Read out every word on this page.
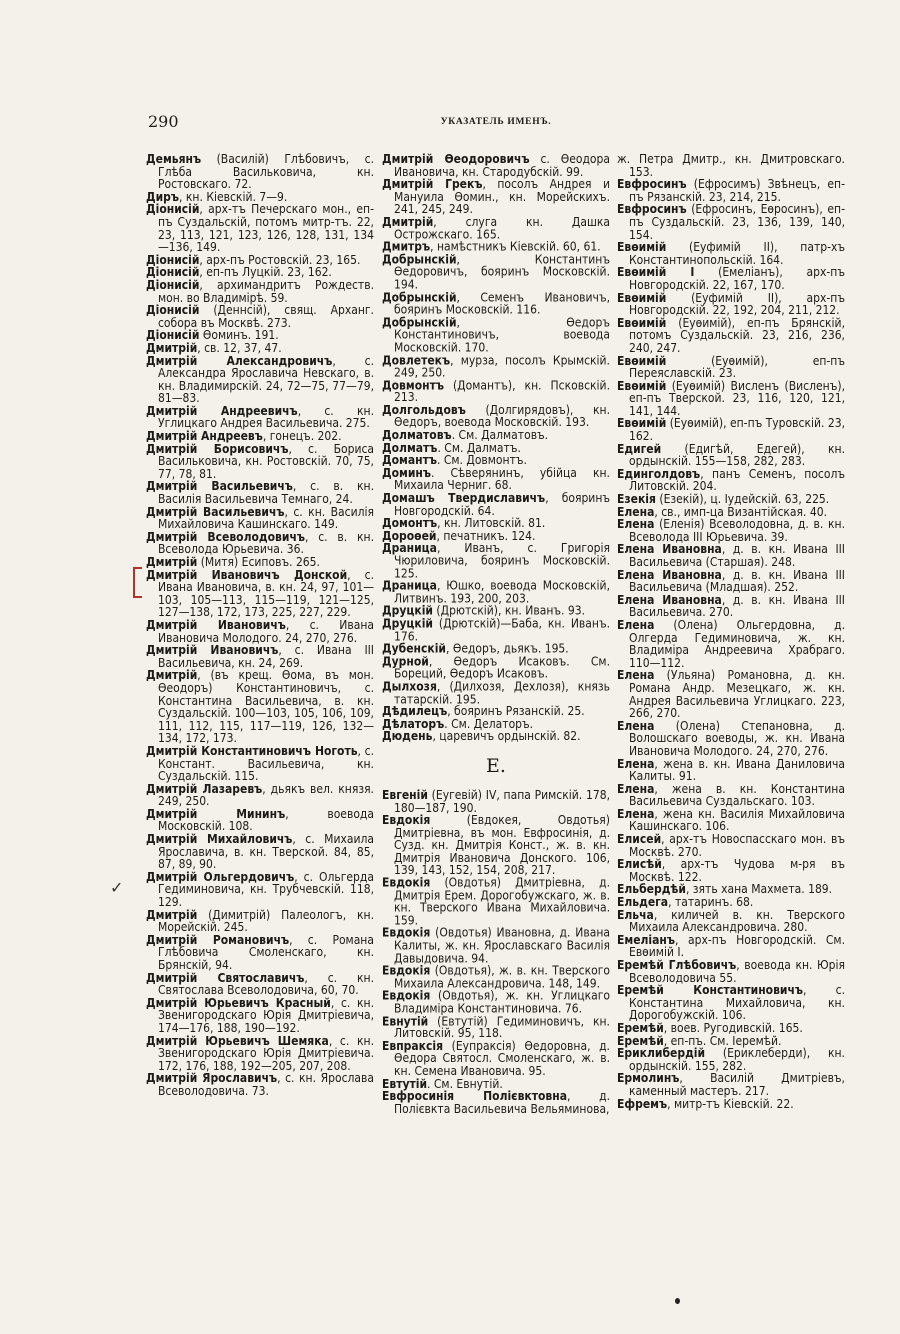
290	УКАЗАТЕЛЬ ИМЕНЪ.

Демьянъ (Василій) Глѣбовичъ, с. Глѣба Васильковича, кн. Ростовскаго. 72.

Диръ, кн. Кіевскій. 7—9.

Діонисій, арх-тъ Печерскаго мон., еп-пъ Суздальскій, потомъ митр-тъ. 22, 23, 113, 121, 123, 126, 128, 131, 134—136, 149.

Діонисій, арх-пъ Ростовскій. 23, 165.

Діонисій, еп-пъ Луцкій. 23, 162.

Діонисій, архимандритъ Рождеств. мон. во Владимірѣ. 59.

Діонисій (Деннсій), свящ. Арханг. собора въ Москвѣ. 273.

Діонисій Ѳоминъ. 191.

Дмитрій, св. 12, 37, 47.

Дмитрій Александровичъ, с. Александра Ярославича Невскаго, в. кн. Владимирскій. 24, 72—75, 77—79, 81—83.

Дмитрій Андреевичъ, с. кн. Углицкаго Андрея Васильевича. 275.

Дмитрій Андреевъ, гонецъ. 202.

Дмитрій Борисовичъ, с. Бориса Васильковича, кн. Ростовскій. 70, 75, 77, 78, 81.

Дмитрій Васильевичъ, с. в. кн. Василія Васильевича Темнаго, 24.

Дмитрій Васильевичъ, с. кн. Василія Михайловича Кашинскаго. 149.

Дмитрій Всеволодовичъ, с. в. кн. Всеволода Юрьевича. 36.

Дмитрій (Митя) Есиповъ. 265.

Дмитрій Ивановичъ Донской, с. Ивана Ивановича, в. кн. 24, 97, 101—103, 105—113, 115—119, 121—125, 127—138, 172, 173, 225, 227, 229.

Дмитрій Ивановичъ, с. Ивана Ивановича Молодого. 24, 270, 276.

Дмитрій Ивановичъ, с. Ивана III Васильевича, кн. 24, 269.

Дмитрій, (въ крещ. Ѳома, въ мон. Ѳеодоръ) Константиновичъ, с. Константина Васильевича, в. кн. Суздальскій. 100—103, 105, 106, 109, 111, 112, 115, 117—119, 126, 132—134, 172, 173.

Дмитрій Константиновичъ Ноготь, с. Констант. Васильевича, кн. Суздальскій. 115.

Дмитрій Лазаревъ, дьякъ вел. князя. 249, 250.

Дмитрій Мининъ, воевода Московскій. 108.

Дмитрій Михайловичъ, с. Михаила Ярославича, в. кн. Тверской. 84, 85, 87, 89, 90.

Дмитрій Ольгердовичъ, с. Ольгерда Гедиминовича, кн. Трубчевскій. 118, 129.

Дмитрій (Димитрій) Палеологъ, кн. Морейскій. 245.

Дмитрій Романовичъ, с. Романа Глѣбовича Смоленскаго, кн. Брянскій, 94.

Дмитрій Святославичъ, с. кн. Святослава Всеволодовича, 60, 70.

Дмитрій Юрьевичъ Красный, с. кн. Звенигородскаго Юрія Дмитріевича, 174—176, 188, 190—192.

Дмитрій Юрьевичъ Шемяка, с. кн. Звенигородскаго Юрія Дмитріевича. 172, 176, 188, 192—205, 207, 208.

Дмитрій Ярославичъ, с. кн. Ярослава Всеволодовича. 73.

Дмитрій Ѳеодоровичъ с. Ѳеодора Ивановича, кн. Стародубскій. 99.

Дмитрій Грекъ, посолъ Андрея и Мануила Ѳомин., кн. Морейскихъ. 241, 245, 249.

Дмитрій, слуга кн. Дашка Острожскаго. 165.

Дмитръ, намѣстникъ Кіевскій. 60, 61.

Добрынскій, Константинъ Ѳедоровичъ, бояринъ Московскій. 194.

Добрынскій, Семенъ Ивановичъ, бояринъ Московскій. 116.

Добрынскій, Ѳедоръ Константиновичъ, воевода Московскій. 170.

Довлетекъ, мурза, посолъ Крымскій. 249, 250.

Довмонтъ (Домантъ), кн. Псковскій. 213.

Долгольдовъ (Долгирядовъ), кн. Ѳедоръ, воевода Московскій. 193.

Долматовъ. См. Далматовъ.

Долматъ. См. Далматъ.

Домантъ. См. Довмонтъ.

Доминъ. Сѣверянинъ, убійца кн. Михаила Черниг. 68.

Домашъ Твердиславичъ, бояринъ Новгородскій. 64.

Домонтъ, кн. Литовскій. 81.

Дороѳей, печатникъ. 124.

Драница, Иванъ, с. Григорія Чюриловича, бояринъ Московскій. 125.

Драница, Юшко, воевода Московскій, Литвинъ. 193, 200, 203.

Друцкій (Дрютскій), кн. Иванъ. 93.

Друцкій (Дрютскій)—Баба, кн. Иванъ. 176.

Дубенскій, Ѳедоръ, дьякъ. 195.

Дурной, Ѳедоръ Исаковъ. См. Бореций, Ѳедоръ Исаковъ.

Дылхозя, (Дилхозя, Дехлозя), князь татарскій. 195.

Дѣдилецъ, бояринъ Рязанскій. 25.

Дѣлаторъ. См. Делаторъ.

Дюдень, царевичъ ордынскій. 82.

Е.

Евгеній (Еугевій) IV, папа Римскій. 178, 180—187, 190.

Евдокія (Евдокея, Овдотья) Дмитріевна, въ мон. Евфросинія, д. Сузд. кн. Дмитрія Конст., ж. в. кн. Дмитрія Ивановича Донского. 106, 139, 143, 152, 154, 208, 217.

Евдокія (Овдотья) Дмитріевна, д. Дмитрія Ерем. Дорогобужскаго, ж. в. кн. Тверского Ивана Михайловича. 159.

Евдокія (Овдотья) Ивановна, д. Ивана Калиты, ж. кн. Ярославскаго Василія Давыдовича. 94.

Евдокія (Овдотья), ж. в. кн. Тверского Михаила Александровича. 148, 149.

Евдокія (Овдотья), ж. кн. Углицкаго Владиміра Константиновича. 76.

Евнутій (Евтутій) Гедиминовичъ, кн. Литовскій. 95, 118.

Евпраксія (Еупраксія) Ѳедоровна, д. Ѳедора Святосл. Смоленскаго, ж. в. кн. Семена Ивановича. 95.

Евтутій. См. Евнутій.

Евфросинія Полієвктовна, д. Полієвкта Васильевича Вельяминова,

ж. Петра Дмитр., кн. Дмитровскаго. 153.

Евфросинъ (Ефросимъ) Звѣнецъ, еп-пъ Рязанскій. 23, 214, 215.

Евфросинъ (Ефросинъ, Еѳросинъ), еп-пъ Суздальскій. 23, 136, 139, 140, 154.

Евѳимій (Еуфимій II), патр-хъ Константинопольскій. 164.

Евѳимій I (Емеліанъ), арх-пъ Новгородскій. 22, 167, 170.

Евѳимій (Еуфимій II), арх-пъ Новгородскій. 22, 192, 204, 211, 212.

Евѳимій (Еуѳимій), еп-пъ Брянскій, потомъ Суздальскій. 23, 216, 236, 240, 247.

Евѳимій (Еуѳимій), еп-пъ Переяславскій. 23.

Евѳимій (Еуѳимій) Висленъ (Висленъ), еп-пъ Тверской. 23, 116, 120, 121, 141, 144.

Евѳимій (Еуѳимій), еп-пъ Туровскій. 23, 162.

Едигей (Едигѣй, Едегей), кн. ордынскій. 155—158, 282, 283.

Единголдовъ, панъ Семенъ, посолъ Литовскій. 204.

Езекія (Езекій), ц. Іудейскій. 63, 225.

Елена, св., имп-ца Византійская. 40.

Елена (Еленія) Всеволодовна, д. в. кн. Всеволода III Юрьевича. 39.

Елена Ивановна, д. в. кн. Ивана III Васильевича (Старшая). 248.

Елена Ивановна, д. в. кн. Ивана III Васильевича (Младшая). 252.

Елена Ивановна, д. в. кн. Ивана III Васильевича. 270.

Елена (Олена) Ольгердовна, д. Олгерда Гедиминовича, ж. кн. Владиміра Андреевича Храбраго. 110—112.

Елена (Ульяна) Романовна, д. кн. Романа Андр. Мезецкаго, ж. кн. Андрея Васильевича Углицкаго. 223, 266, 270.

Елена (Олена) Степановна, д. Волошскаго воеводы, ж. кн. Ивана Ивановича Молодого. 24, 270, 276.

Елена, жена в. кн. Ивана Даниловича Калиты. 91.

Елена, жена в. кн. Константина Васильевича Суздальскаго. 103.

Елена, жена кн. Василія Михайловича Кашинскаго. 106.

Елисей, арх-тъ Новоспасскаго мон. въ Москвѣ. 270.

Елисѣй, арх-тъ Чудова м-ря въ Москвѣ. 122.

Ельбердѣй, зять хана Махмета. 189.

Ельдега, татаринъ. 68.

Ельча, киличей в. кн. Тверского Михаила Александровича. 280.

Емеліанъ, арх-пъ Новгородскій. См. Евѳимій I.

Еремѣй Глѣбовичъ, воевода кн. Юрія Всеволодовича 55.

Еремѣй Константиновичъ, с. Константина Михайловича, кн. Дорогобужскій. 106.

Еремѣй, воев. Ругодивскій. 165.

Еремѣй, еп-пъ. См. Іеремѣй.

Ериклибердій (Ериклеберди), кн. ордынскій. 155, 282.

Ермолинъ, Василій Дмитріевъ, каменный мастеръ. 217.

Ефремъ, митр-тъ Кіевскій. 22.

✓
